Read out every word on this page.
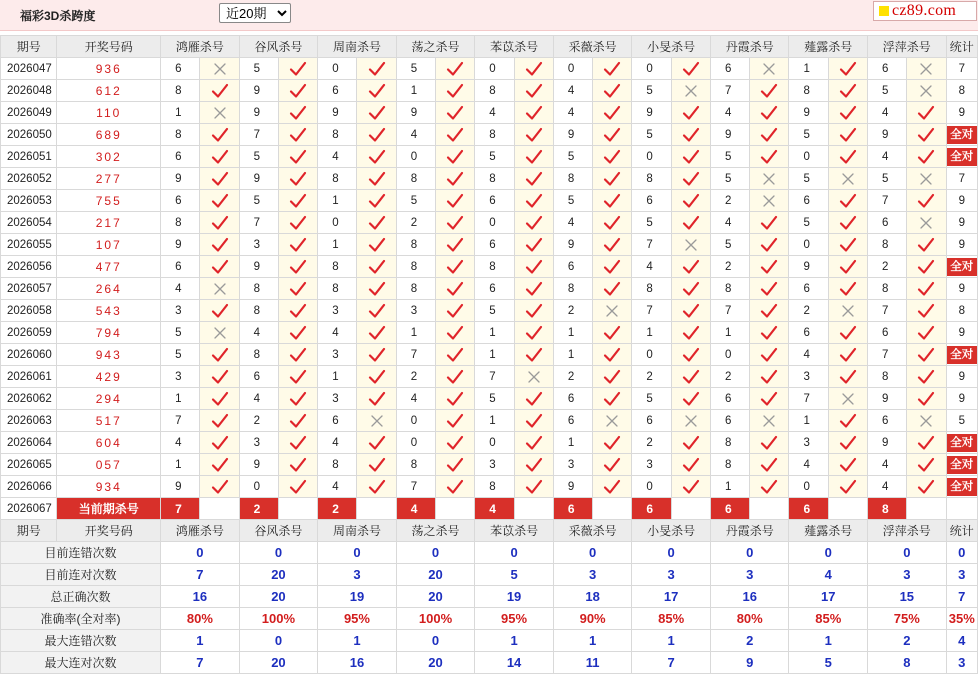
福彩3D杀跨度
近20期	cz89.com
期号	开奖号码	鸿雁杀号		谷风杀号		周南杀号		荡之杀号		苯苡杀号		采薇杀号		小旻杀号		丹霞杀号		薤露杀号		浮萍杀号		统计
2026047	936	6		5		0		5		0		0		0		6		1		6		7
2026048	612	8		9		6		1		8		4		5		7		8		5		8
2026049	110	1		9		9		9		4		4		9		4		9		4		9
2026050	689	8		7		8		4		8		9		5		9		5		9		全对
2026051	302	6		5		4		0		5		5		0		5		0		4		全对
2026052	277	9		9		8		8		8		8		8		5		5		5		7
2026053	755	6		5		1		5		6		5		6		2		6		7		9
2026054	217	8		7		0		2		0		4		5		4		5		6		9
2026055	107	9		3		1		8		6		9		7		5		0		8		9
2026056	477	6		9		8		8		8		6		4		2		9		2		全对
2026057	264	4		8		8		8		6		8		8		8		6		8		9
2026058	543	3		8		3		3		5		2		7		7		2		7		8
2026059	794	5		4		4		1		1		1		1		1		6		6		9
2026060	943	5		8		3		7		1		1		0		0		4		7		全对
2026061	429	3		6		1		2		7		2		2		2		3		8		9
2026062	294	1		4		3		4		5		6		5		6		7		9		9
2026063	517	7		2		6		0		1		6		6		6		1		6		5
2026064	604	4		3		4		0		0		1		2		8		3		9		全对
2026065	057	1		9		8		8		3		3		3		8		4		4		全对
2026066	934	9		0		4		7		8		9		0		1		0		4		全对
2026067	当前期杀号	7		2		2		4		4		6		6		6		6		8		
期号	开奖号码	鸿雁杀号		谷风杀号		周南杀号		荡之杀号		苯苡杀号		采薇杀号		小旻杀号		丹霞杀号		薤露杀号		浮萍杀号		统计
目前连错次数		0		0		0		0		0		0		0		0		0		0		0
目前连对次数		7		20		3		20		5		3		3		3		4		3		3
总正确次数		16		20		19		20		19		18		17		16		17		15		7
准确率(全对率)		80%		100%		95%		100%		95%		90%		85%		80%		85%		75%		35%
最大连错次数		1		0		1		0		1		1		1		2		1		2		4
最大连对次数		7		20		16		20		14		11		7		9		5		8		3
